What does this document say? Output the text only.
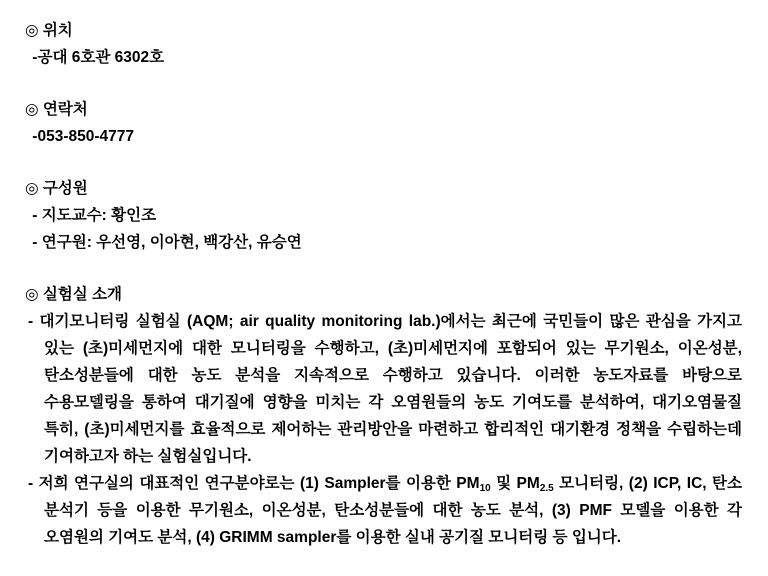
◎ 위치
-공대 6호관 6302호
◎ 연락처
-053-850-4777
◎ 구성원
- 지도교수: 황인조
- 연구원: 우선영, 이아현, 백강산, 유승연
◎ 실험실 소개

- 대기모니터링 실험실 (AQM; air quality monitoring lab.)에서는 최근에 국민들이 많은 관심을 가지고 있는 (초)미세먼지에 대한 모니터링을 수행하고, (초)미세먼지에 포함되어 있는 무기원소, 이온성분, 탄소성분들에 대한 농도 분석을 지속적으로 수행하고 있습니다. 이러한 농도자료를 바탕으로 수용모델링을 통하여 대기질에 영향을 미치는 각 오염원들의 농도 기여도를 분석하여, 대기오염물질 특히, (초)미세먼지를 효율적으로 제어하는 관리방안을 마련하고 합리적인 대기환경 정책을 수립하는데 기여하고자 하는 실험실입니다.

- 저희 연구실의 대표적인 연구분야로는 (1) Sampler를 이용한 $PM_{10}$ 및 $PM_{2.5}$ 모니터링, (2) ICP, IC, 탄소 분석기 등을 이용한 무기원소, 이온성분, 탄소성분들에 대한 농도 분석, (3) PMF 모델을 이용한 각 오염원의 기여도 분석, (4) GRIMM sampler를 이용한 실내 공기질 모니터링 등 입니다.
